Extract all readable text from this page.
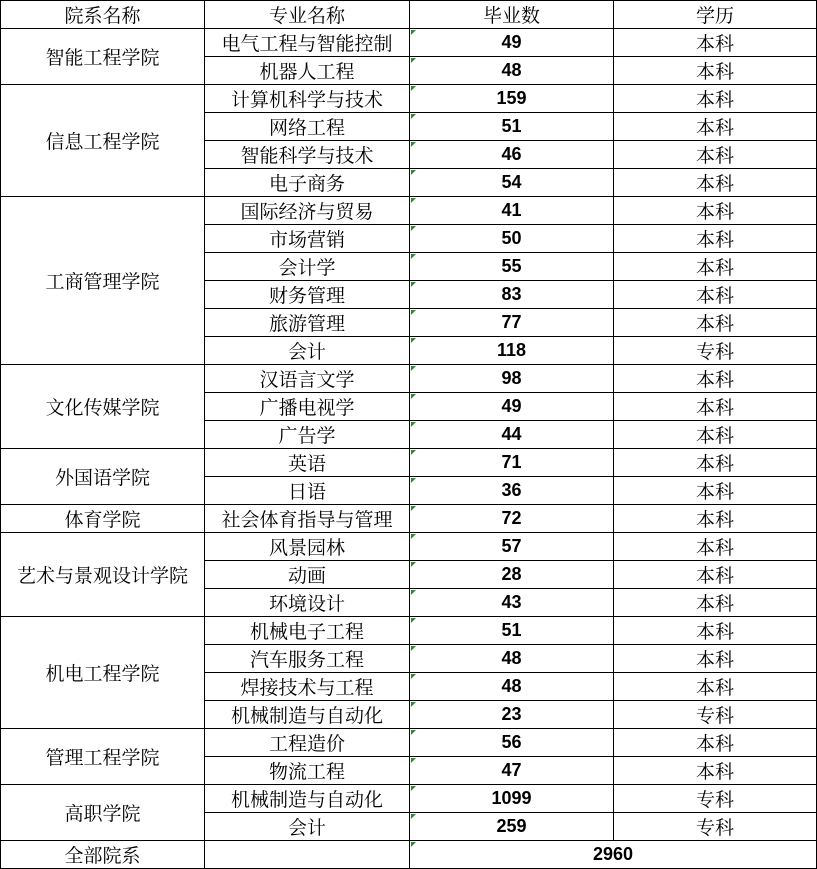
院系名称	专业名称	毕业数	学历
智能工程学院	电气工程与智能控制	49	本科
	机器人工程	48	本科
信息工程学院	计算机科学与技术	159	本科
	网络工程	51	本科
	智能科学与技术	46	本科
	电子商务	54	本科
工商管理学院	国际经济与贸易	41	本科
	市场营销	50	本科
	会计学	55	本科
	财务管理	83	本科
	旅游管理	77	本科
	会计	118	专科
文化传媒学院	汉语言文学	98	本科
	广播电视学	49	本科
	广告学	44	本科
外国语学院	英语	71	本科
	日语	36	本科
体育学院	社会体育指导与管理	72	本科
艺术与景观设计学院	风景园林	57	本科
	动画	28	本科
	环境设计	43	本科
机电工程学院	机械电子工程	51	本科
	汽车服务工程	48	本科
	焊接技术与工程	48	本科
	机械制造与自动化	23	专科
管理工程学院	工程造价	56	本科
	物流工程	47	本科
高职学院	机械制造与自动化	1099	专科
	会计	259	专科
全部院系		2960	
